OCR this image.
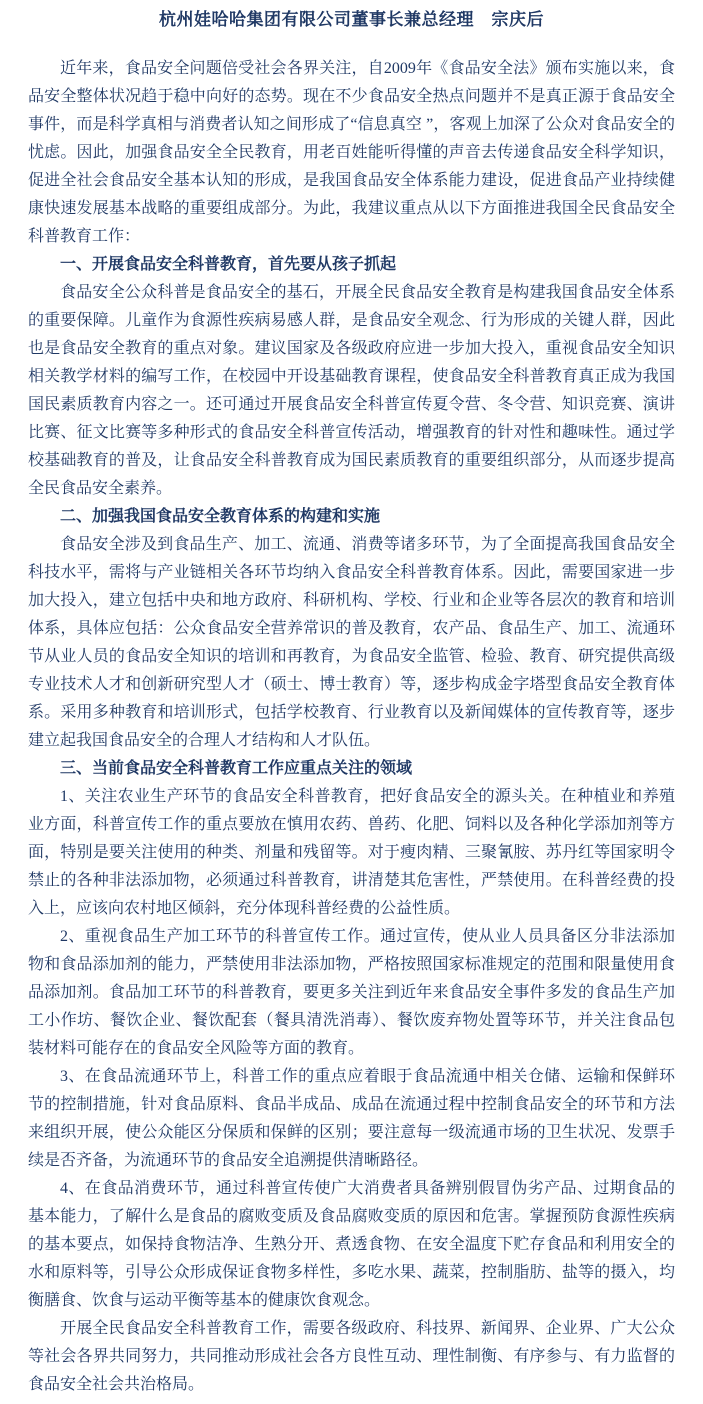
杭州娃哈哈集团有限公司董事长兼总经理　宗庆后

近年来，食品安全问题倍受社会各界关注，自2009年《食品安全法》颁布实施以来，食品安全整体状况趋于稳中向好的态势。现在不少食品安全热点问题并不是真正源于食品安全事件，而是科学真相与消费者认知之间形成了“信息真空 ”，客观上加深了公众对食品安全的忧虑。因此，加强食品安全全民教育，用老百姓能听得懂的声音去传递食品安全科学知识，促进全社会食品安全基本认知的形成，是我国食品安全体系能力建设，促进食品产业持续健康快速发展基本战略的重要组成部分。为此，我建议重点从以下方面推进我国全民食品安全科普教育工作：

一、开展食品安全科普教育，首先要从孩子抓起

食品安全公众科普是食品安全的基石，开展全民食品安全教育是构建我国食品安全体系的重要保障。儿童作为食源性疾病易感人群，是食品安全观念、行为形成的关键人群，因此也是食品安全教育的重点对象。建议国家及各级政府应进一步加大投入，重视食品安全知识相关教学材料的编写工作，在校园中开设基础教育课程，使食品安全科普教育真正成为我国国民素质教育内容之一。还可通过开展食品安全科普宣传夏令营、冬令营、知识竞赛、演讲比赛、征文比赛等多种形式的食品安全科普宣传活动，增强教育的针对性和趣味性。通过学校基础教育的普及，让食品安全科普教育成为国民素质教育的重要组织部分，从而逐步提高全民食品安全素养。

二、加强我国食品安全教育体系的构建和实施

食品安全涉及到食品生产、加工、流通、消费等诸多环节，为了全面提高我国食品安全科技水平，需将与产业链相关各环节均纳入食品安全科普教育体系。因此，需要国家进一步加大投入，建立包括中央和地方政府、科研机构、学校、行业和企业等各层次的教育和培训体系，具体应包括：公众食品安全营养常识的普及教育，农产品、食品生产、加工、流通环节从业人员的食品安全知识的培训和再教育，为食品安全监管、检验、教育、研究提供高级专业技术人才和创新研究型人才（硕士、博士教育）等，逐步构成金字塔型食品安全教育体系。采用多种教育和培训形式，包括学校教育、行业教育以及新闻媒体的宣传教育等，逐步建立起我国食品安全的合理人才结构和人才队伍。

三、当前食品安全科普教育工作应重点关注的领域

1、关注农业生产环节的食品安全科普教育，把好食品安全的源头关。在种植业和养殖业方面，科普宣传工作的重点要放在慎用农药、兽药、化肥、饲料以及各种化学添加剂等方面，特别是要关注使用的种类、剂量和残留等。对于瘦肉精、三聚氰胺、苏丹红等国家明令禁止的各种非法添加物，必须通过科普教育，讲清楚其危害性，严禁使用。在科普经费的投入上，应该向农村地区倾斜，充分体现科普经费的公益性质。

2、重视食品生产加工环节的科普宣传工作。通过宣传，使从业人员具备区分非法添加物和食品添加剂的能力，严禁使用非法添加物，严格按照国家标准规定的范围和限量使用食品添加剂。食品加工环节的科普教育，要更多关注到近年来食品安全事件多发的食品生产加工小作坊、餐饮企业、餐饮配套（餐具清洗消毒）、餐饮废弃物处置等环节，并关注食品包装材料可能存在的食品安全风险等方面的教育。

3、在食品流通环节上，科普工作的重点应着眼于食品流通中相关仓储、运输和保鲜环节的控制措施，针对食品原料、食品半成品、成品在流通过程中控制食品安全的环节和方法来组织开展，使公众能区分保质和保鲜的区别；要注意每一级流通市场的卫生状况、发票手续是否齐备，为流通环节的食品安全追溯提供清晰路径。

4、在食品消费环节，通过科普宣传使广大消费者具备辨别假冒伪劣产品、过期食品的基本能力，了解什么是食品的腐败变质及食品腐败变质的原因和危害。掌握预防食源性疾病的基本要点，如保持食物洁净、生熟分开、煮透食物、在安全温度下贮存食品和利用安全的水和原料等，引导公众形成保证食物多样性，多吃水果、蔬菜，控制脂肪、盐等的摄入，均衡膳食、饮食与运动平衡等基本的健康饮食观念。

开展全民食品安全科普教育工作，需要各级政府、科技界、新闻界、企业界、广大公众等社会各界共同努力，共同推动形成社会各方良性互动、理性制衡、有序参与、有力监督的食品安全社会共治格局。
